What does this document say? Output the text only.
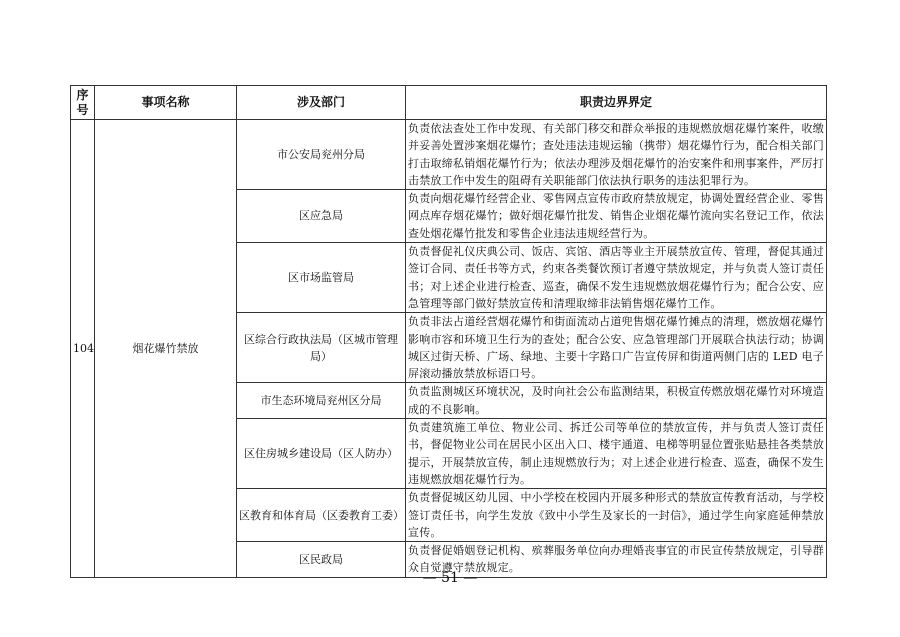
序号	事项名称	涉及部门	职责边界界定
104	烟花爆竹禁放	市公安局兖州分局	负责依法查处工作中发现、有关部门移交和群众举报的违规燃放烟花爆竹案件，收缴并妥善处置涉案烟花爆竹；查处违法违规运输（携带）烟花爆竹行为，配合相关部门打击取缔私销烟花爆竹行为；依法办理涉及烟花爆竹的治安案件和刑事案件，严厉打击禁放工作中发生的阻碍有关职能部门依法执行职务的违法犯罪行为。
		区应急局	负责向烟花爆竹经营企业、零售网点宣传市政府禁放规定，协调处置经营企业、零售网点库存烟花爆竹；做好烟花爆竹批发、销售企业烟花爆竹流向实名登记工作，依法查处烟花爆竹批发和零售企业违法违规经营行为。
		区市场监管局	负责督促礼仪庆典公司、饭店、宾馆、酒店等业主开展禁放宣传、管理，督促其通过签订合同、责任书等方式，约束各类餐饮预订者遵守禁放规定，并与负责人签订责任书；对上述企业进行检查、巡查，确保不发生违规燃放烟花爆竹行为；配合公安、应急管理等部门做好禁放宣传和清理取缔非法销售烟花爆竹工作。
		区综合行政执法局（区城市管理局）	负责非法占道经营烟花爆竹和街面流动占道兜售烟花爆竹摊点的清理，燃放烟花爆竹影响市容和环境卫生行为的查处；配合公安、应急管理部门开展联合执法行动；协调城区过街天桥、广场、绿地、主要十字路口广告宣传屏和街道两侧门店的 LED 电子屏滚动播放禁放标语口号。
		市生态环境局兖州区分局	负责监测城区环境状况，及时向社会公布监测结果，积极宣传燃放烟花爆竹对环境造成的不良影响。
		区住房城乡建设局（区人防办）	负责建筑施工单位、物业公司、拆迁公司等单位的禁放宣传，并与负责人签订责任书，督促物业公司在居民小区出入口、楼宇通道、电梯等明显位置张贴悬挂各类禁放提示，开展禁放宣传，制止违规燃放行为；对上述企业进行检查、巡查，确保不发生违规燃放烟花爆竹行为。
		区教育和体育局（区委教育工委）	负责督促城区幼儿园、中小学校在校园内开展多种形式的禁放宣传教育活动，与学校签订责任书，向学生发放《致中小学生及家长的一封信》，通过学生向家庭延伸禁放宣传。
		区民政局	负责督促婚姻登记机构、殡葬服务单位向办理婚丧事宜的市民宣传禁放规定，引导群众自觉遵守禁放规定。
— 51 —
